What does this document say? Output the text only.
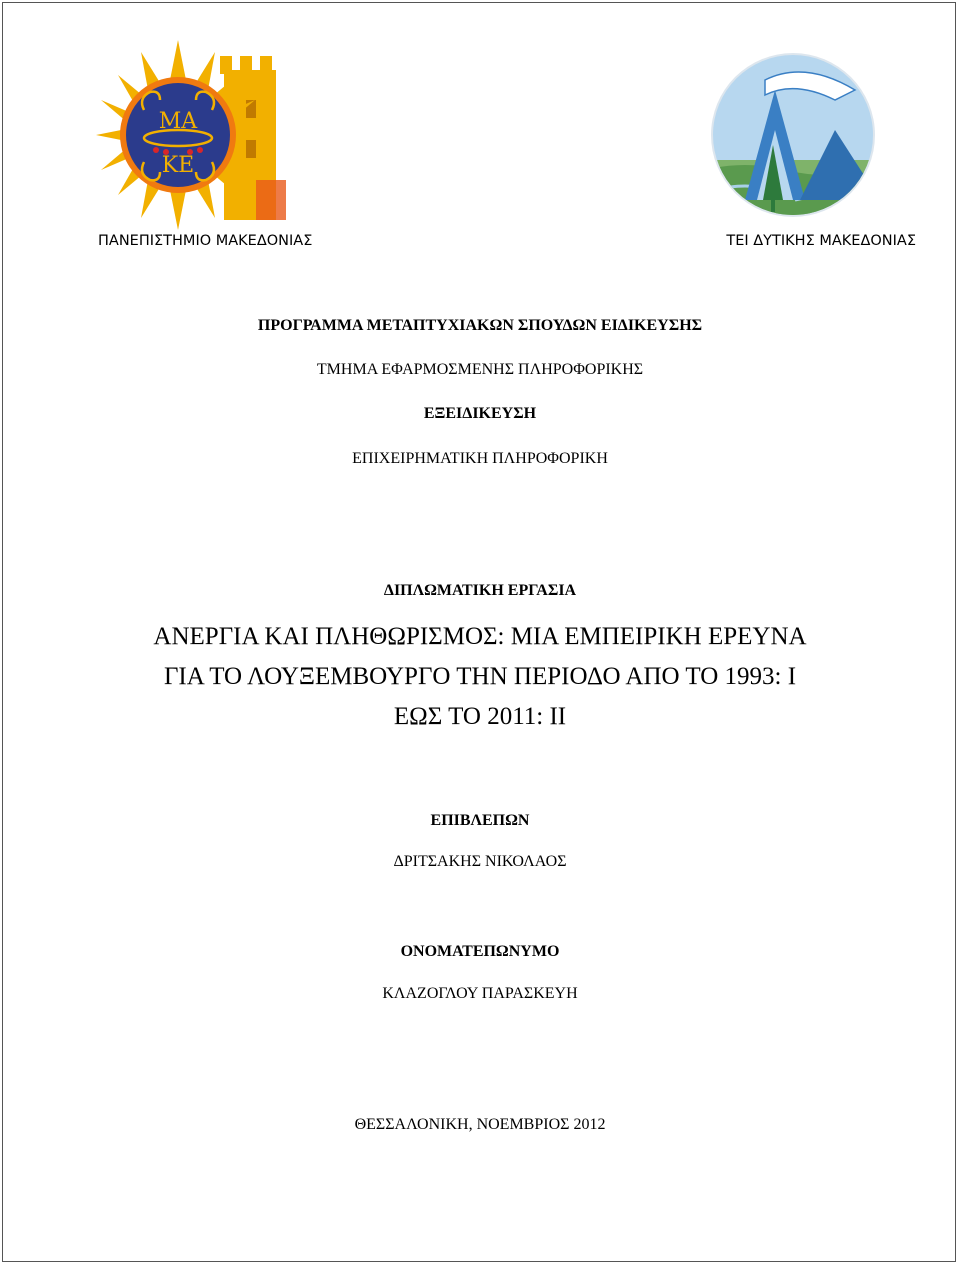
ΜΑ
ΚΕ
ΠΑΝΕΠΙΣΤΗΜΙΟ ΜΑΚΕΔΟΝΙΑΣ	ΤΕΙ ΔΥΤΙΚΗΣ ΜΑΚΕΔΟΝΙΑΣ
ΠΡΟΓΡΑΜΜΑ ΜΕΤΑΠΤΥΧΙΑΚΩΝ ΣΠΟΥΔΩΝ ΕΙΔΙΚΕΥΣΗΣ
ΤΜΗΜΑ ΕΦΑΡΜΟΣΜΕΝΗΣ ΠΛΗΡΟΦΟΡΙΚΗΣ
ΕΞΕΙΔΙΚΕΥΣΗ
ΕΠΙΧΕΙΡΗΜΑΤΙΚΗ ΠΛΗΡΟΦΟΡΙΚΗ
ΔΙΠΛΩΜΑΤΙΚΗ ΕΡΓΑΣΙΑ
ΑΝΕΡΓΙΑ ΚΑΙ ΠΛΗΘΩΡΙΣΜΟΣ: ΜΙΑ ΕΜΠΕΙΡΙΚΗ ΕΡΕΥΝΑ
ΓΙΑ ΤΟ ΛΟΥΞΕΜΒΟΥΡΓΟ ΤΗΝ ΠΕΡΙΟΔΟ ΑΠΟ ΤΟ 1993: Ι
ΕΩΣ ΤΟ 2011: ΙΙ
ΕΠΙΒΛΕΠΩΝ
ΔΡΙΤΣΑΚΗΣ ΝΙΚΟΛΑΟΣ
ΟΝΟΜΑΤΕΠΩΝΥΜΟ
ΚΛΑΖΟΓΛΟΥ ΠΑΡΑΣΚΕΥΗ
ΘΕΣΣΑΛΟΝΙΚΗ, ΝΟΕΜΒΡΙΟΣ 2012
